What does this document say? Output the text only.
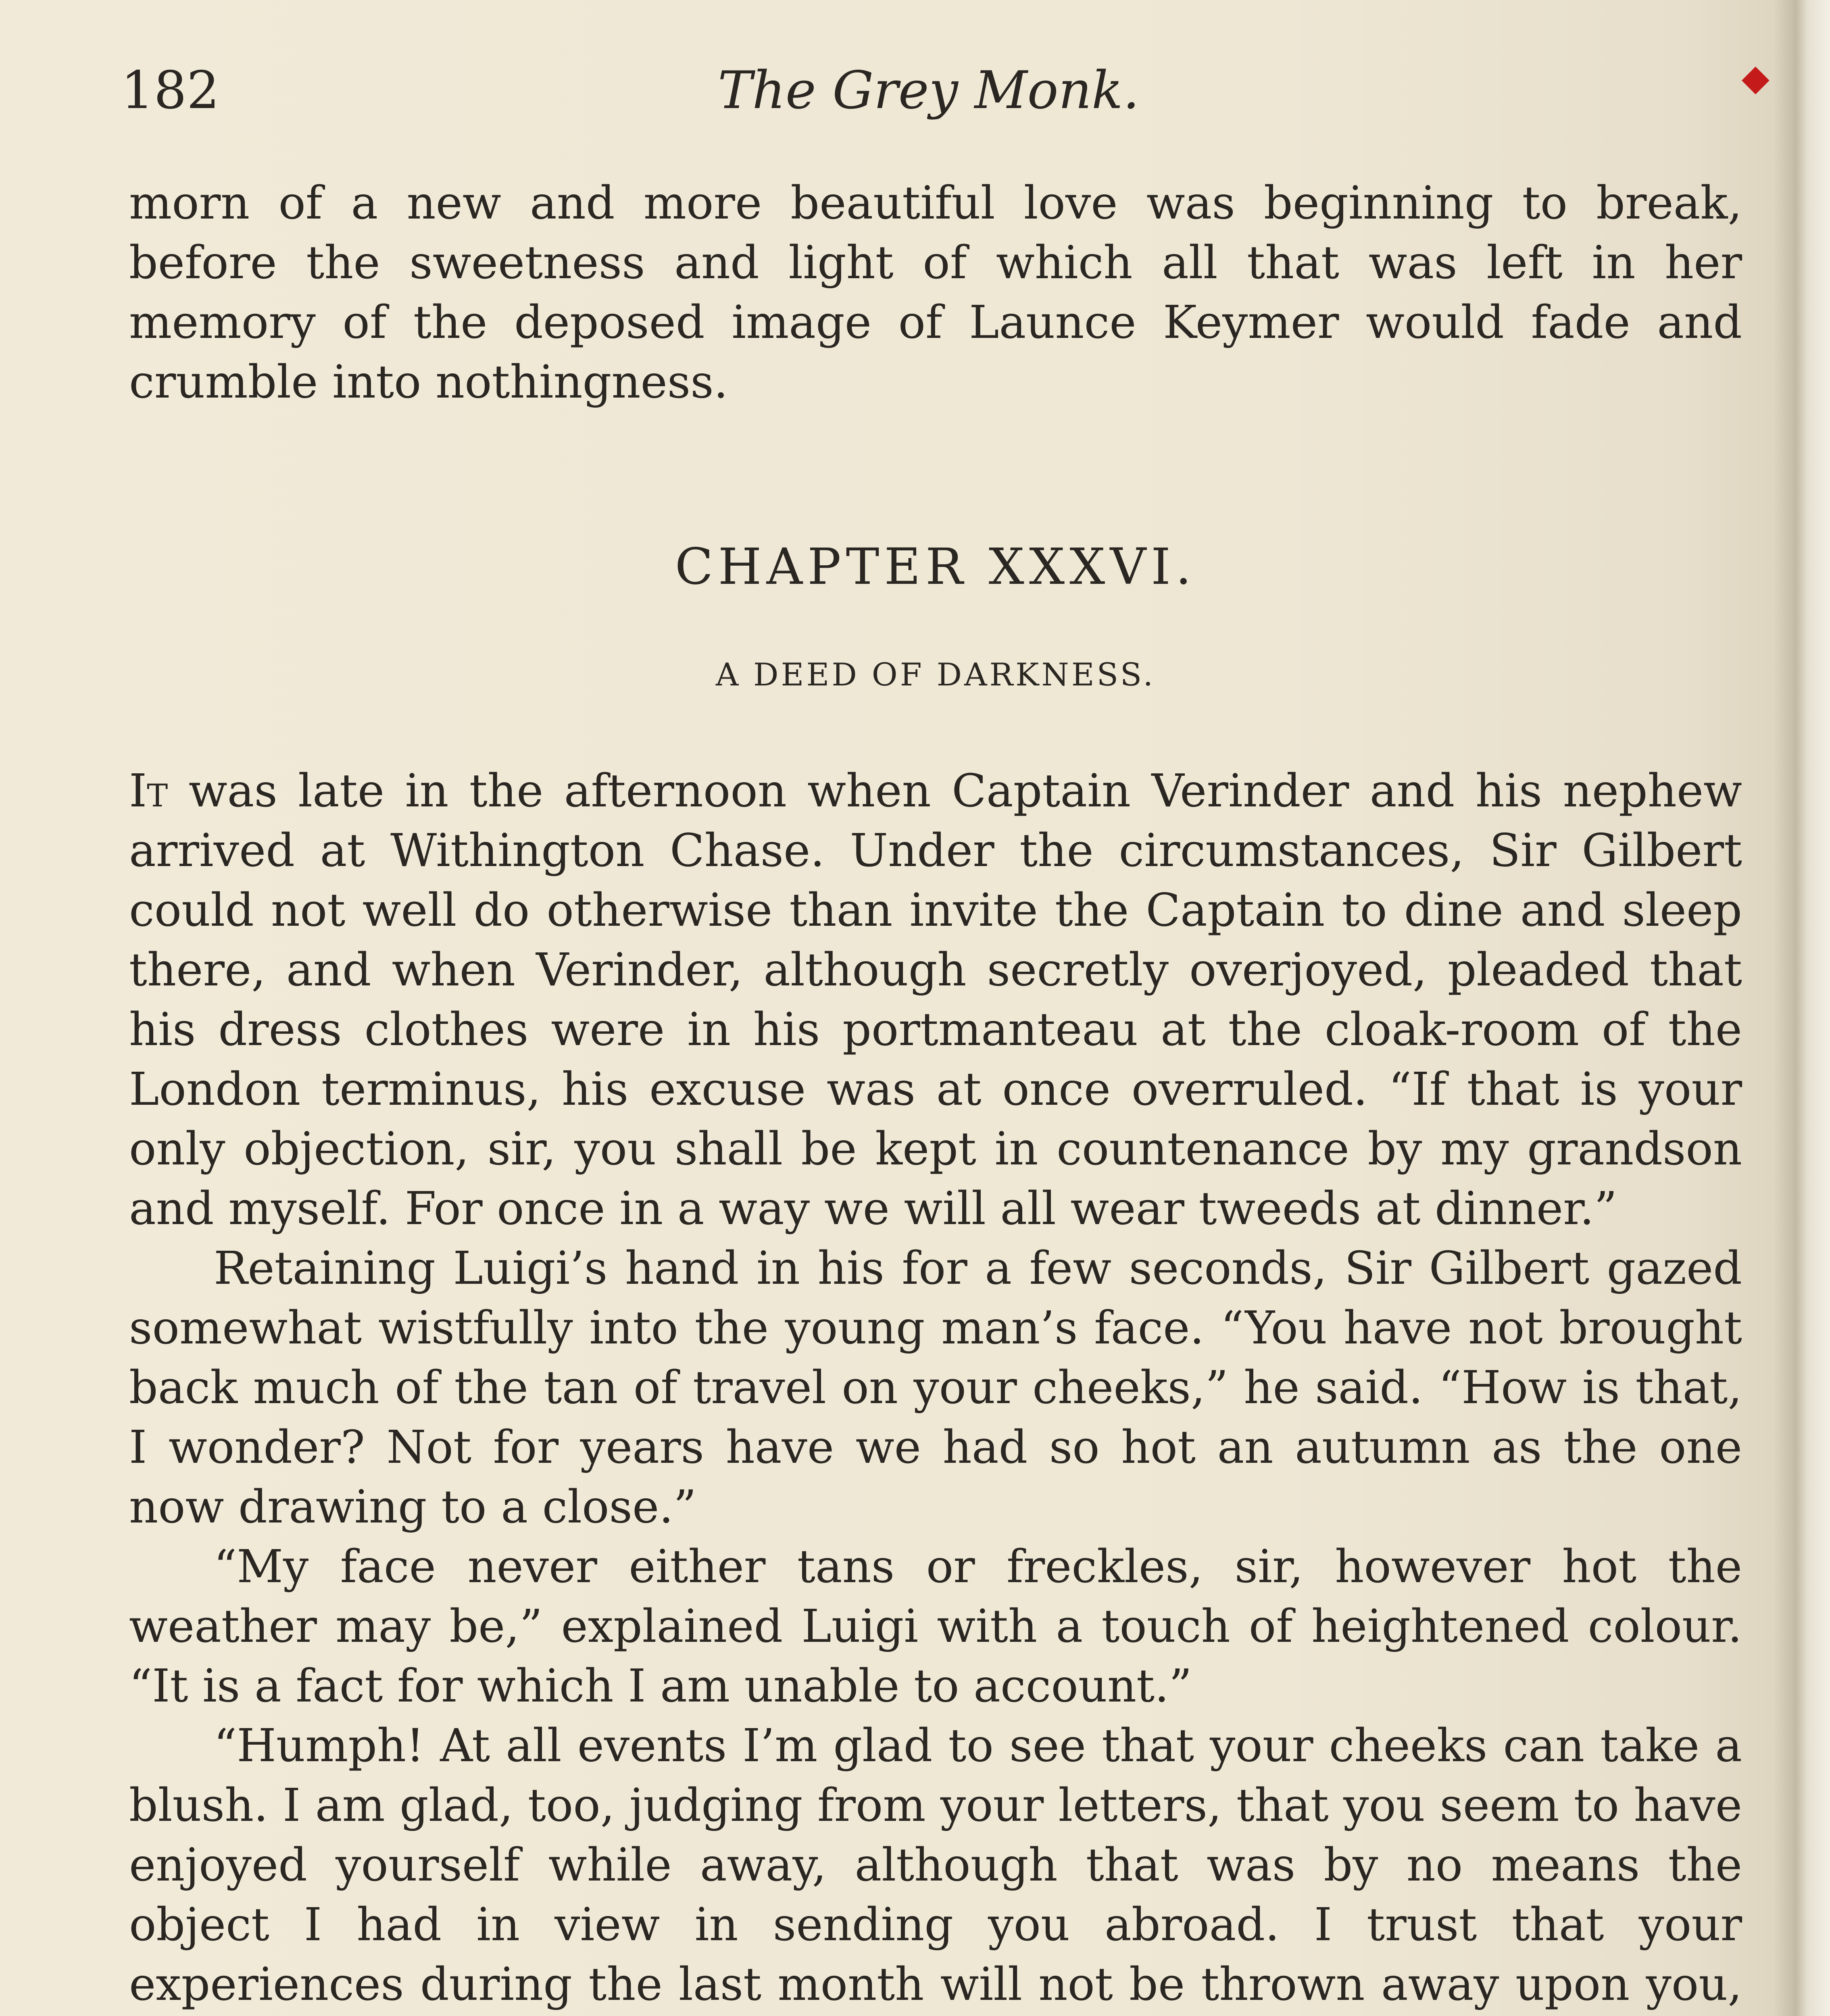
◆
182	The Grey Monk.

morn of a new and more beautiful love was beginning to break, before the sweetness and light of which all that was left in her memory of the deposed image of Launce Keymer would fade and crumble into nothingness.

CHAPTER XXXVI.
A DEED OF DARKNESS.

It was late in the afternoon when Captain Verinder and his nephew arrived at Withington Chase. Under the circumstances, Sir Gilbert could not well do otherwise than invite the Captain to dine and sleep there, and when Verinder, although secretly overjoyed, pleaded that his dress clothes were in his portmanteau at the cloak-room of the London terminus, his excuse was at once overruled. “If that is your only objection, sir, you shall be kept in countenance by my grandson and myself. For once in a way we will all wear tweeds at dinner.”

Retaining Luigi’s hand in his for a few seconds, Sir Gilbert gazed somewhat wistfully into the young man’s face. “You have not brought back much of the tan of travel on your cheeks,” he said. “How is that, I wonder? Not for years have we had so hot an autumn as the one now drawing to a close.”

“My face never either tans or freckles, sir, however hot the weather may be,” explained Luigi with a touch of heightened colour. “It is a fact for which I am unable to account.”

“Humph! At all events I’m glad to see that your cheeks can take a blush. I am glad, too, judging from your letters, that you seem to have enjoyed yourself while away, although that was by no means the object I had in view in sending you abroad. I trust that your experiences during the last month will not be thrown away upon you,
